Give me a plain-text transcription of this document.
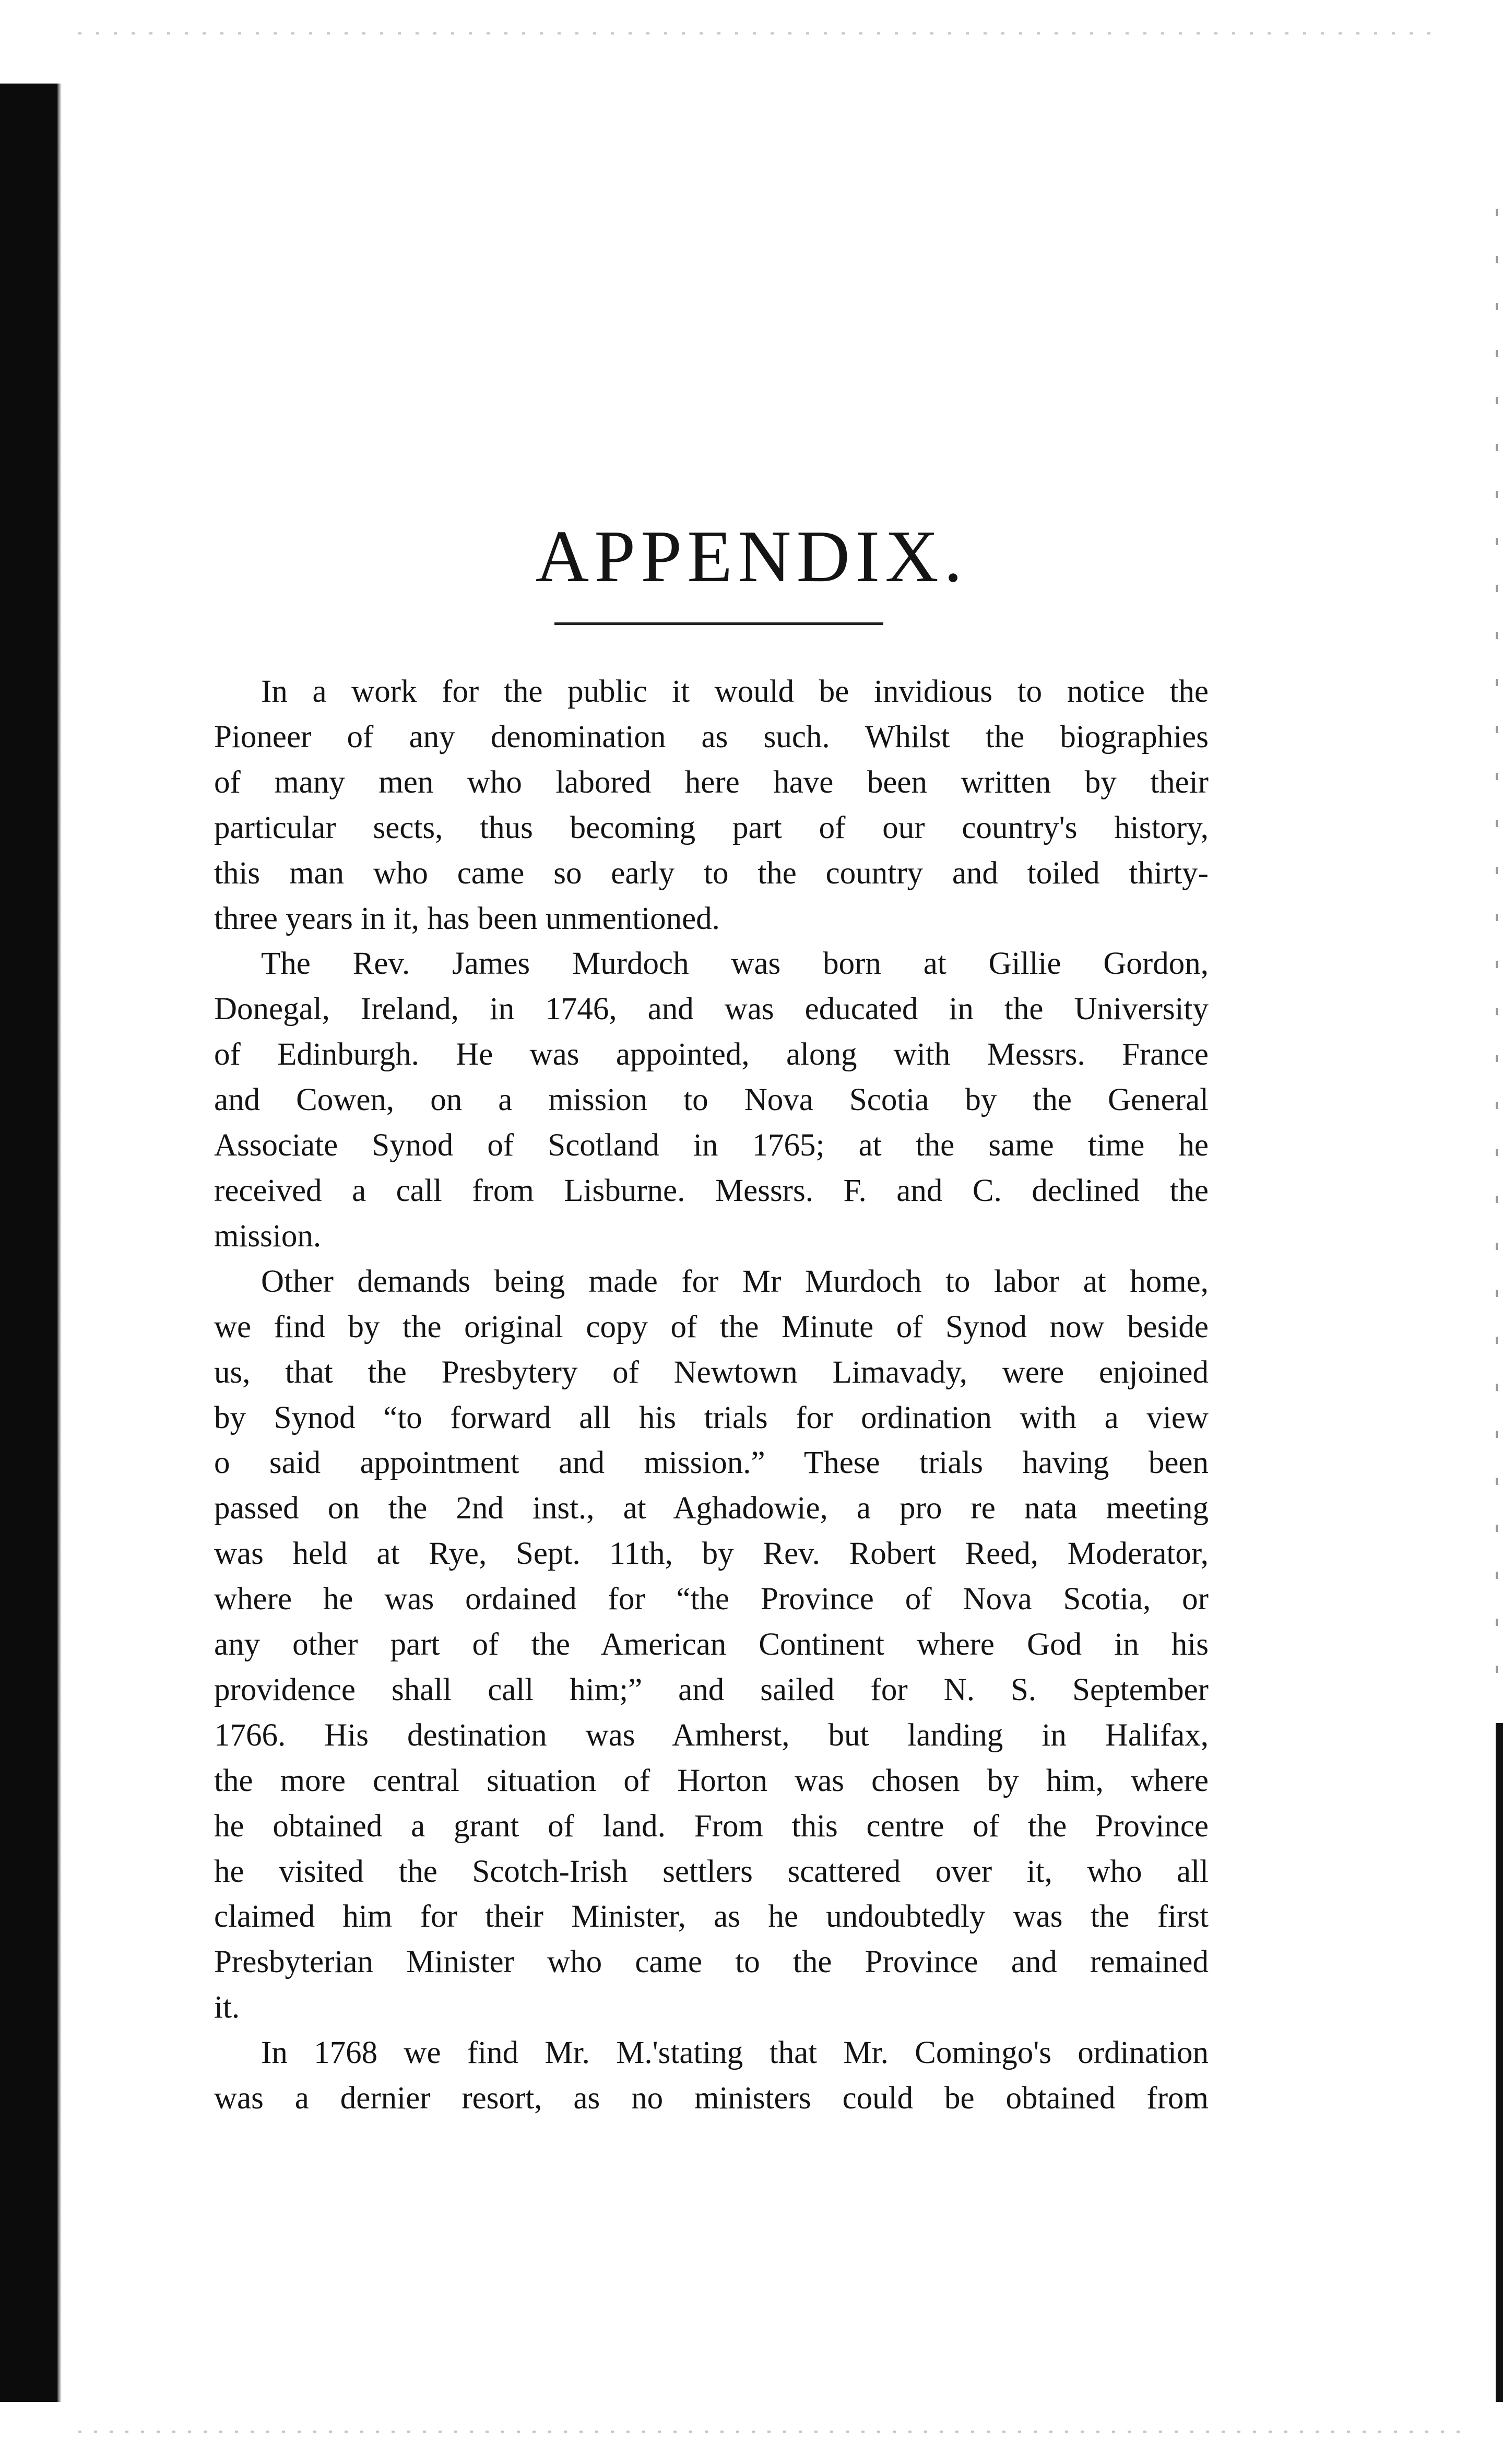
APPENDIX.

In a work for the public it would be invidious to notice the
Pioneer of any denomination as such. Whilst the biographies
of many men who labored here have been written by their
particular sects, thus becoming part of our country's history,
this man who came so early to the country and toiled thirty-
three years in it, has been unmentioned.

The Rev. James Murdoch was born at Gillie Gordon,
Donegal, Ireland, in 1746, and was educated in the University
of Edinburgh. He was appointed, along with Messrs. France
and Cowen, on a mission to Nova Scotia by the General
Associate Synod of Scotland in 1765; at the same time he
received a call from Lisburne. Messrs. F. and C. declined the
mission.

Other demands being made for Mr Murdoch to labor at home,
we find by the original copy of the Minute of Synod now beside
us, that the Presbytery of Newtown Limavady, were enjoined
by Synod “to forward all his trials for ordination with a view
o said appointment and mission.” These trials having been
passed on the 2nd inst., at Aghadowie, a pro re nata meeting
was held at Rye, Sept. 11th, by Rev. Robert Reed, Moderator,
where he was ordained for “the Province of Nova Scotia, or
any other part of the American Continent where God in his
providence shall call him;” and sailed for N. S. September
1766. His destination was Amherst, but landing in Halifax,
the more central situation of Horton was chosen by him, where
he obtained a grant of land. From this centre of the Province
he visited the Scotch-Irish settlers scattered over it, who all
claimed him for their Minister, as he undoubtedly was the first
Presbyterian Minister who came to the Province and remained
it.

In 1768 we find Mr. M.'stating that Mr. Comingo's ordination
was a dernier resort, as no ministers could be obtained from
